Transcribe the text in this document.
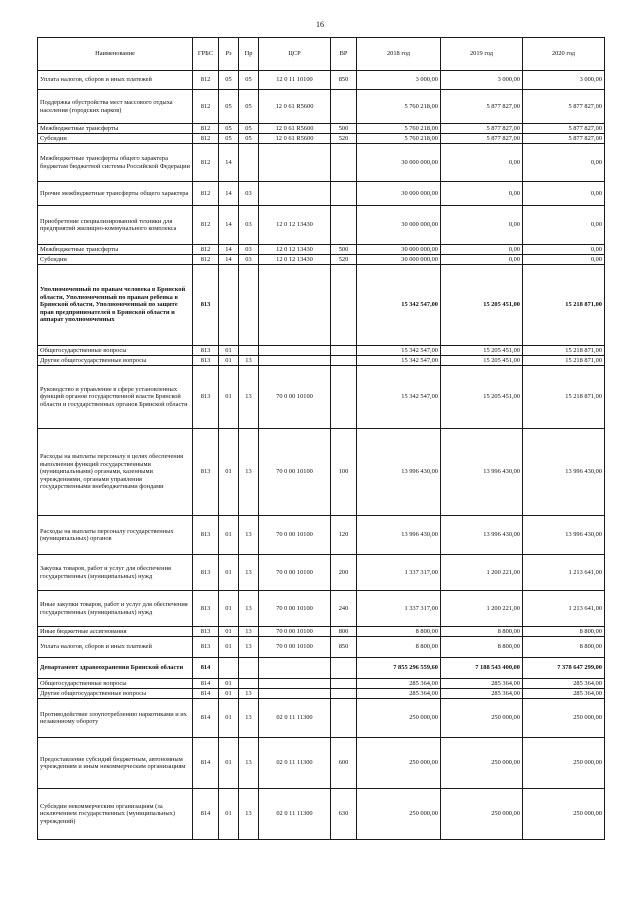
16
Наименование	ГРБС	Рз	Пр	ЦСР	ВР	2018 год	2019 год	2020 год
Уплата налогов, сборов и иных платежей	812	05	05	12 0 11 10100	850	3 000,00	3 000,00	3 000,00
Поддержка обустройства мест массового отдыха населения (городских парков)	812	05	05	12 0 61 R5600		5 760 218,00	5 877 827,00	5 877 827,00
Межбюджетные трансферты	812	05	05	12 0 61 R5600	500	5 760 218,00	5 877 827,00	5 877 827,00
Субсидии	812	05	05	12 0 61 R5600	520	5 760 218,00	5 877 827,00	5 877 827,00
Межбюджетные трансферты общего характера бюджетам бюджетной системы Российской Федерации	812	14				30 000 000,00	0,00	0,00
Прочие межбюджетные трансферты общего характера	812	14	03			30 000 000,00	0,00	0,00
Приобретение специализированной техники для предприятий жилищно-коммунального комплекса	812	14	03	12 0 12 13430		30 000 000,00	0,00	0,00
Межбюджетные трансферты	812	14	03	12 0 12 13430	500	30 000 000,00	0,00	0,00
Субсидии	812	14	03	12 0 12 13430	520	30 000 000,00	0,00	0,00
Уполномоченный по правам человека в Брянской области, Уполномоченный по правам ребенка в Брянской области, Уполномоченный по защите прав предпринимателей в Брянской области и аппарат уполномоченных	813					15 342 547,00	15 205 451,00	15 218 871,00
Общегосударственные вопросы	813	01				15 342 547,00	15 205 451,00	15 218 871,00
Другие общегосударственные вопросы	813	01	13			15 342 547,00	15 205 451,00	15 218 871,00
Руководство и управление в сфере установленных функций органов государственной власти Брянской области и государственных органов Брянской области	813	01	13	70 0 00 10100		15 342 547,00	15 205 451,00	15 218 871,00
Расходы на выплаты персоналу в целях обеспечения выполнения функций государственными (муниципальными) органами, казенными учреждениями, органами управления государственными внебюджетными фондами	813	01	13	70 0 00 10100	100	13 996 430,00	13 996 430,00	13 996 430,00
Расходы на выплаты персоналу государственных (муниципальных) органов	813	01	13	70 0 00 10100	120	13 996 430,00	13 996 430,00	13 996 430,00
Закупка товаров, работ и услуг для обеспечения государственных (муниципальных) нужд	813	01	13	70 0 00 10100	200	1 337 317,00	1 200 221,00	1 213 641,00
Иные закупки товаров, работ и услуг для обеспечения государственных (муниципальных) нужд	813	01	13	70 0 00 10100	240	1 337 317,00	1 200 221,00	1 213 641,00
Иные бюджетные ассигнования	813	01	13	70 0 00 10100	800	8 800,00	8 800,00	8 800,00
Уплата налогов, сборов и иных платежей	813	01	13	70 0 00 10100	850	8 800,00	8 800,00	8 800,00
Департамент здравоохранения Брянской области	814					7 855 296 559,60	7 188 543 400,00	7 378 647 299,00
Общегосударственные вопросы	814	01				285 364,00	285 364,00	285 364,00
Другие общегосударственные вопросы	814	01	13			285 364,00	285 364,00	285 364,00
Противодействие злоупотреблению наркотиками и их незаконному обороту	814	01	13	02 0 11 11300		250 000,00	250 000,00	250 000,00
Предоставление субсидий бюджетным, автономным учреждениям и иным некоммерческим организациям	814	01	13	02 0 11 11300	600	250 000,00	250 000,00	250 000,00
Субсидии некоммерческим организациям (за исключением государственных (муниципальных) учреждений)	814	01	13	02 0 11 11300	630	250 000,00	250 000,00	250 000,00
